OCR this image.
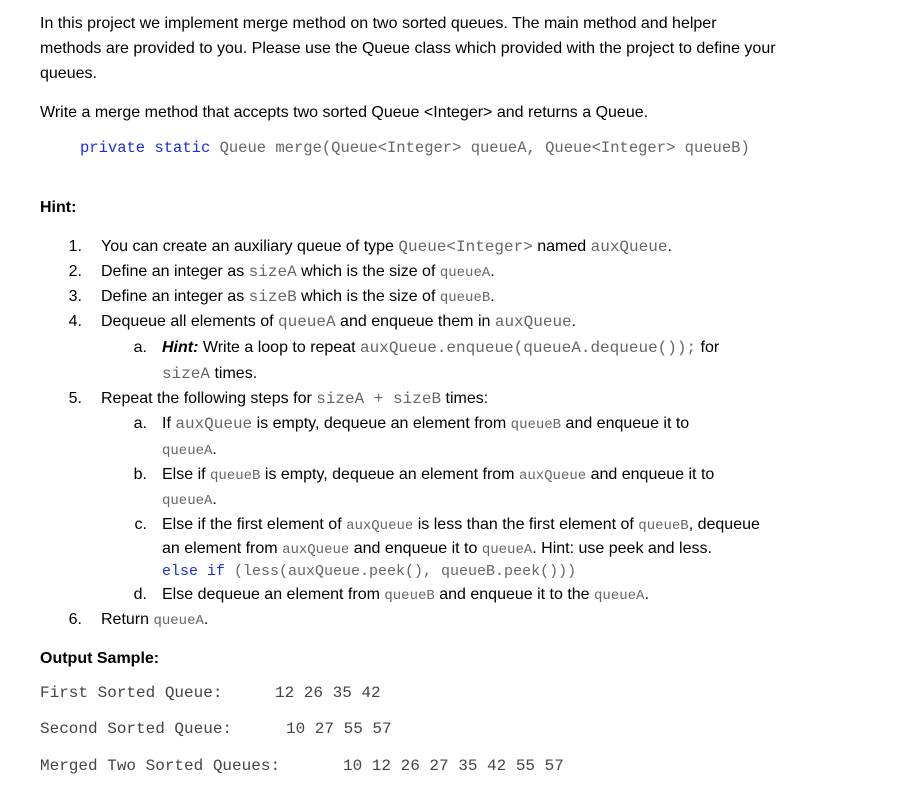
In this project we implement merge method on two sorted queues. The main method and helper
methods are provided to you. Please use the Queue class which provided with the project to define your
queues.
Write a merge method that accepts two sorted Queue <Integer> and returns a Queue.
private static Queue merge(Queue<Integer> queueA, Queue<Integer> queueB)
Hint:
1. You can create an auxiliary queue of type Queue<Integer> named auxQueue.
2. Define an integer as sizeA which is the size of queueA.
3. Define an integer as sizeB which is the size of queueB.
4. Dequeue all elements of queueA and enqueue them in auxQueue.
a. Hint: Write a loop to repeat auxQueue.enqueue(queueA.dequeue()); for
sizeA times.
5. Repeat the following steps for sizeA + sizeB times:
a. If auxQueue is empty, dequeue an element from queueB and enqueue it to
queueA.
b. Else if queueB is empty, dequeue an element from auxQueue and enqueue it to
queueA.
c. Else if the first element of auxQueue is less than the first element of queueB, dequeue
an element from auxQueue and enqueue it to queueA. Hint: use peek and less.
else if (less(auxQueue.peek(), queueB.peek()))
d. Else dequeue an element from queueB and enqueue it to the queueA.
6. Return queueA.
Output Sample:
First Sorted Queue:	12 26 35 42
Second Sorted Queue:	10 27 55 57
Merged Two Sorted Queues:	10 12 26 27 35 42 55 57
